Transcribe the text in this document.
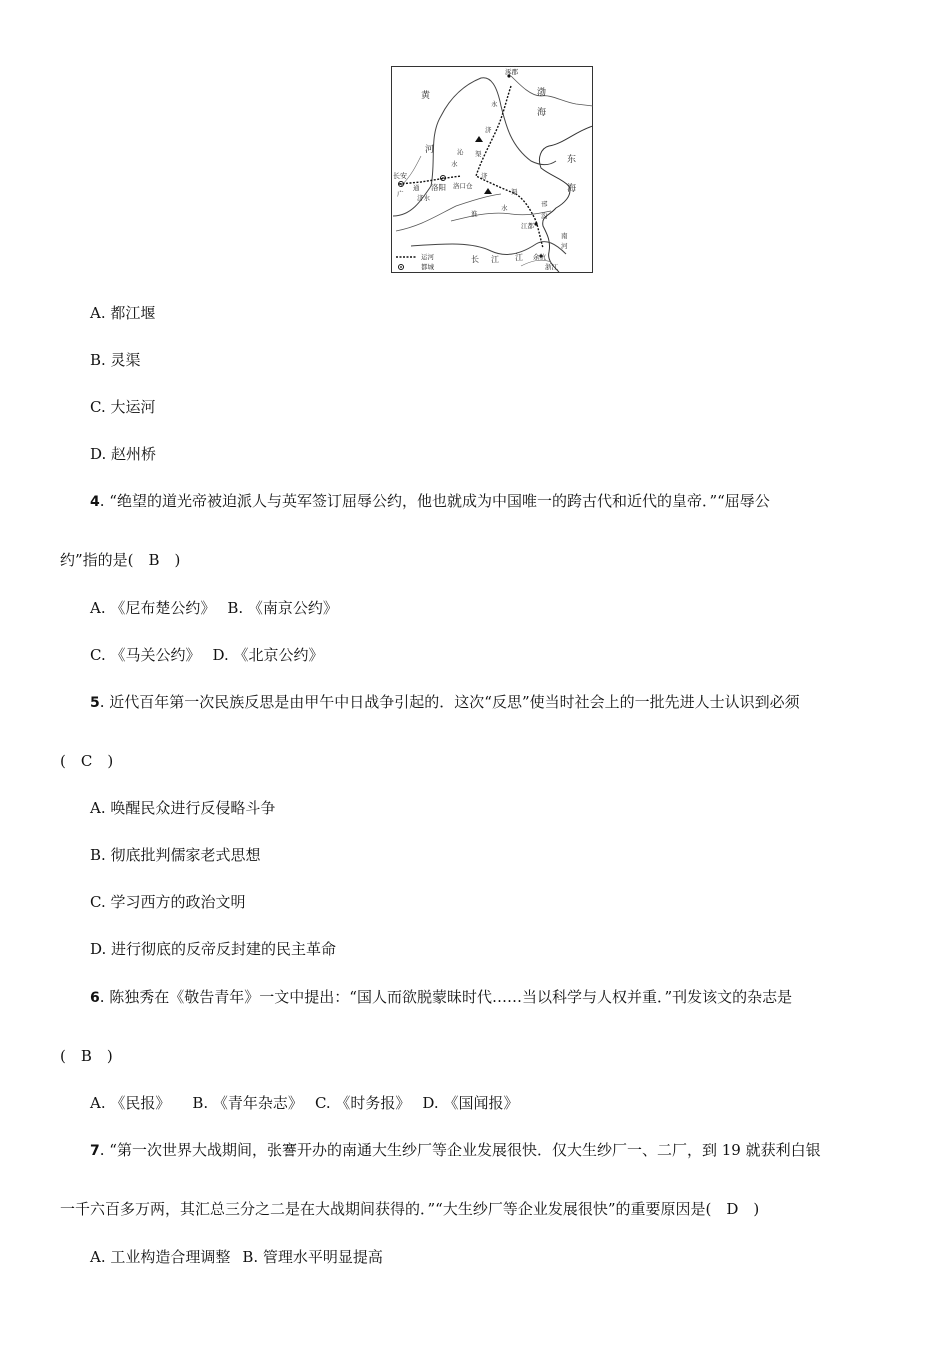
涿郡
渤
海
东
海
黄
河
永
济
沁 渠
水
长安
广
通
济
洛阳 洛口仓
济水
渠
淮
水	邗
沟
江都
长 江 江
南
河
余杭
浙江
运河
都城
A. 都江堰
B. 灵渠
C. 大运河
D. 赵州桥
4. “绝望的道光帝被迫派人与英军签订屈辱公约，他也就成为中国唯一的跨古代和近代的皇帝．”“屈辱公
约”指的是(　B　)
A. 《尼布楚公约》 B. 《南京公约》
C. 《马关公约》 D. 《北京公约》
5. 近代百年第一次民族反思是由甲午中日战争引起的．这次“反思”使当时社会上的一批先进人士认识到必须
(　C　)
A. 唤醒民众进行反侵略斗争
B. 彻底批判儒家老式思想
C. 学习西方的政治文明
D. 进行彻底的反帝反封建的民主革命
6. 陈独秀在《敬告青年》一文中提出：“国人而欲脱蒙昧时代……当以科学与人权并重．”刊发该文的杂志是
(　B　)
A. 《民报》 B. 《青年杂志》 C. 《时务报》 D. 《国闻报》
7. “第一次世界大战期间，张謇开办的南通大生纱厂等企业发展很快．仅大生纱厂一、二厂，到 19 就获利白银
一千六百多万两，其汇总三分之二是在大战期间获得的．”“大生纱厂等企业发展很快”的重要原因是(　D　)
A. 工业构造合理调整 B. 管理水平明显提高
